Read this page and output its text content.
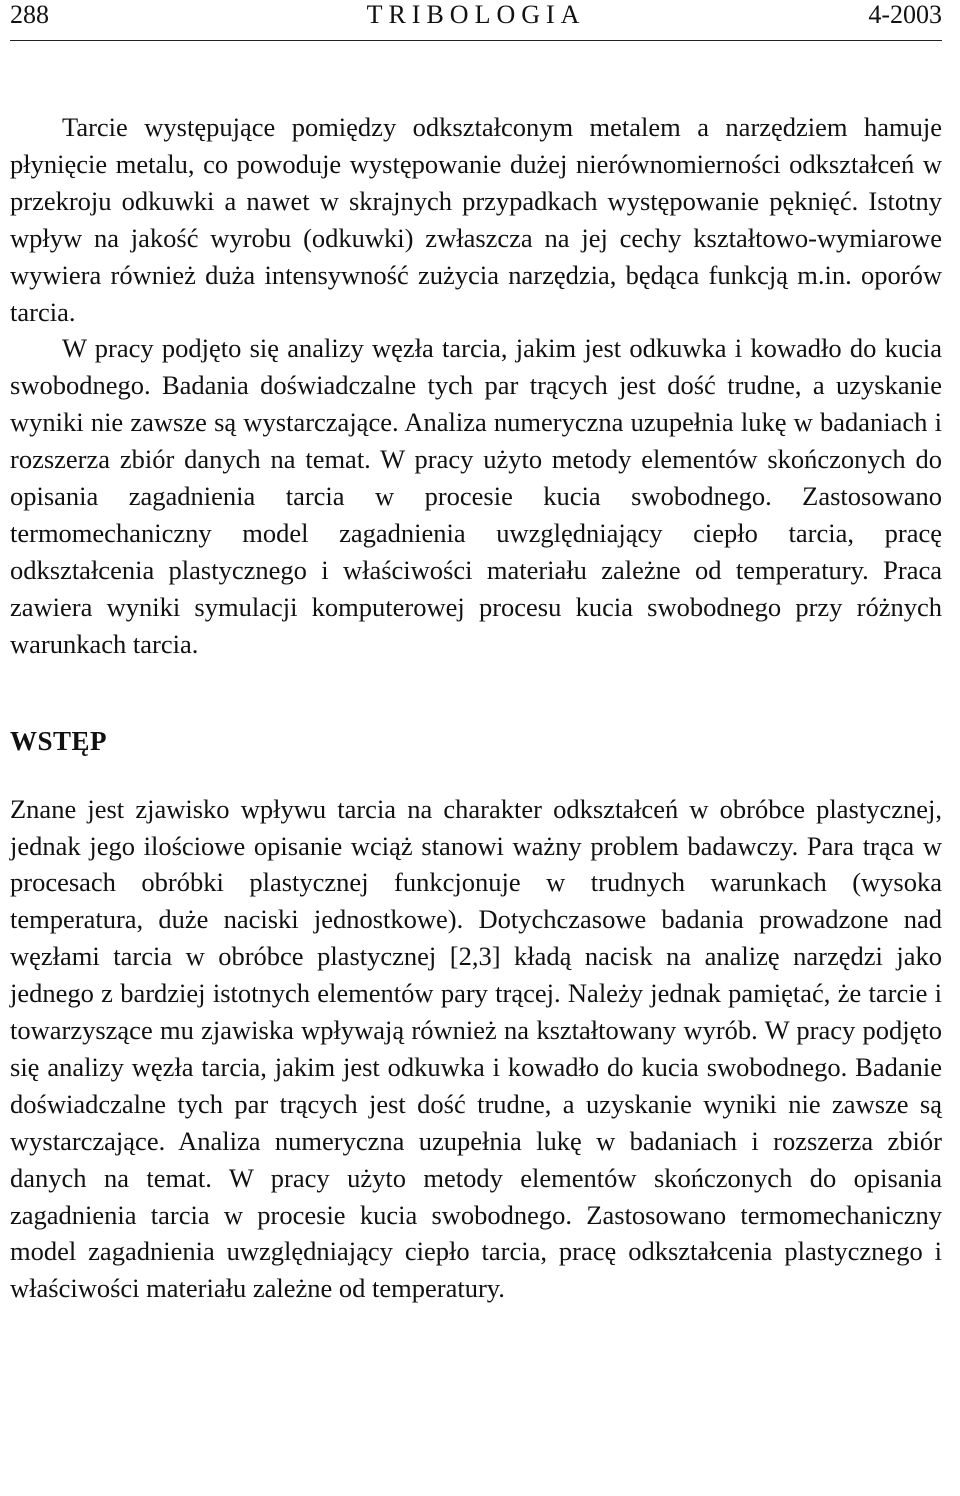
288	TRIBOLOGIA	4-2003

Tarcie występujące pomiędzy odkształconym metalem a narzędziem hamuje płynięcie metalu, co powoduje występowanie dużej nierównomierności odkształceń w przekroju odkuwki a nawet w skrajnych przypadkach występowanie pęknięć. Istotny wpływ na jakość wyrobu (odkuwki) zwłaszcza na jej cechy kształtowo-wymiarowe wywiera również duża intensywność zużycia narzędzia, będąca funkcją m.in. oporów tarcia.

W pracy podjęto się analizy węzła tarcia, jakim jest odkuwka i kowadło do kucia swobodnego. Badania doświadczalne tych par trących jest dość trudne, a uzyskanie wyniki nie zawsze są wystarczające. Analiza numeryczna uzupełnia lukę w badaniach i rozszerza zbiór danych na temat. W pracy użyto metody elementów skończonych do opisania zagadnienia tarcia w procesie kucia swobodnego. Zastosowano termomechaniczny model zagadnienia uwzględniający ciepło tarcia, pracę odkształcenia plastycznego i właściwości materiału zależne od temperatury. Praca zawiera wyniki symulacji komputerowej procesu kucia swobodnego przy różnych warunkach tarcia.

WSTĘP

Znane jest zjawisko wpływu tarcia na charakter odkształceń w obróbce plastycznej, jednak jego ilościowe opisanie wciąż stanowi ważny problem badawczy. Para trąca w procesach obróbki plastycznej funkcjonuje w trudnych warunkach (wysoka temperatura, duże naciski jednostkowe). Dotychczasowe badania prowadzone nad węzłami tarcia w obróbce plastycznej [2,3] kładą nacisk na analizę narzędzi jako jednego z bardziej istotnych elementów pary trącej. Należy jednak pamiętać, że tarcie i towarzyszące mu zjawiska wpływają również na kształtowany wyrób. W pracy podjęto się analizy węzła tarcia, jakim jest odkuwka i kowadło do kucia swobodnego. Badanie doświadczalne tych par trących jest dość trudne, a uzyskanie wyniki nie zawsze są wystarczające. Analiza numeryczna uzupełnia lukę w badaniach i rozszerza zbiór danych na temat. W pracy użyto metody elementów skończonych do opisania zagadnienia tarcia w procesie kucia swobodnego. Zastosowano termomechaniczny model zagadnienia uwzględniający ciepło tarcia, pracę odkształcenia plastycznego i właściwości materiału zależne od temperatury.
